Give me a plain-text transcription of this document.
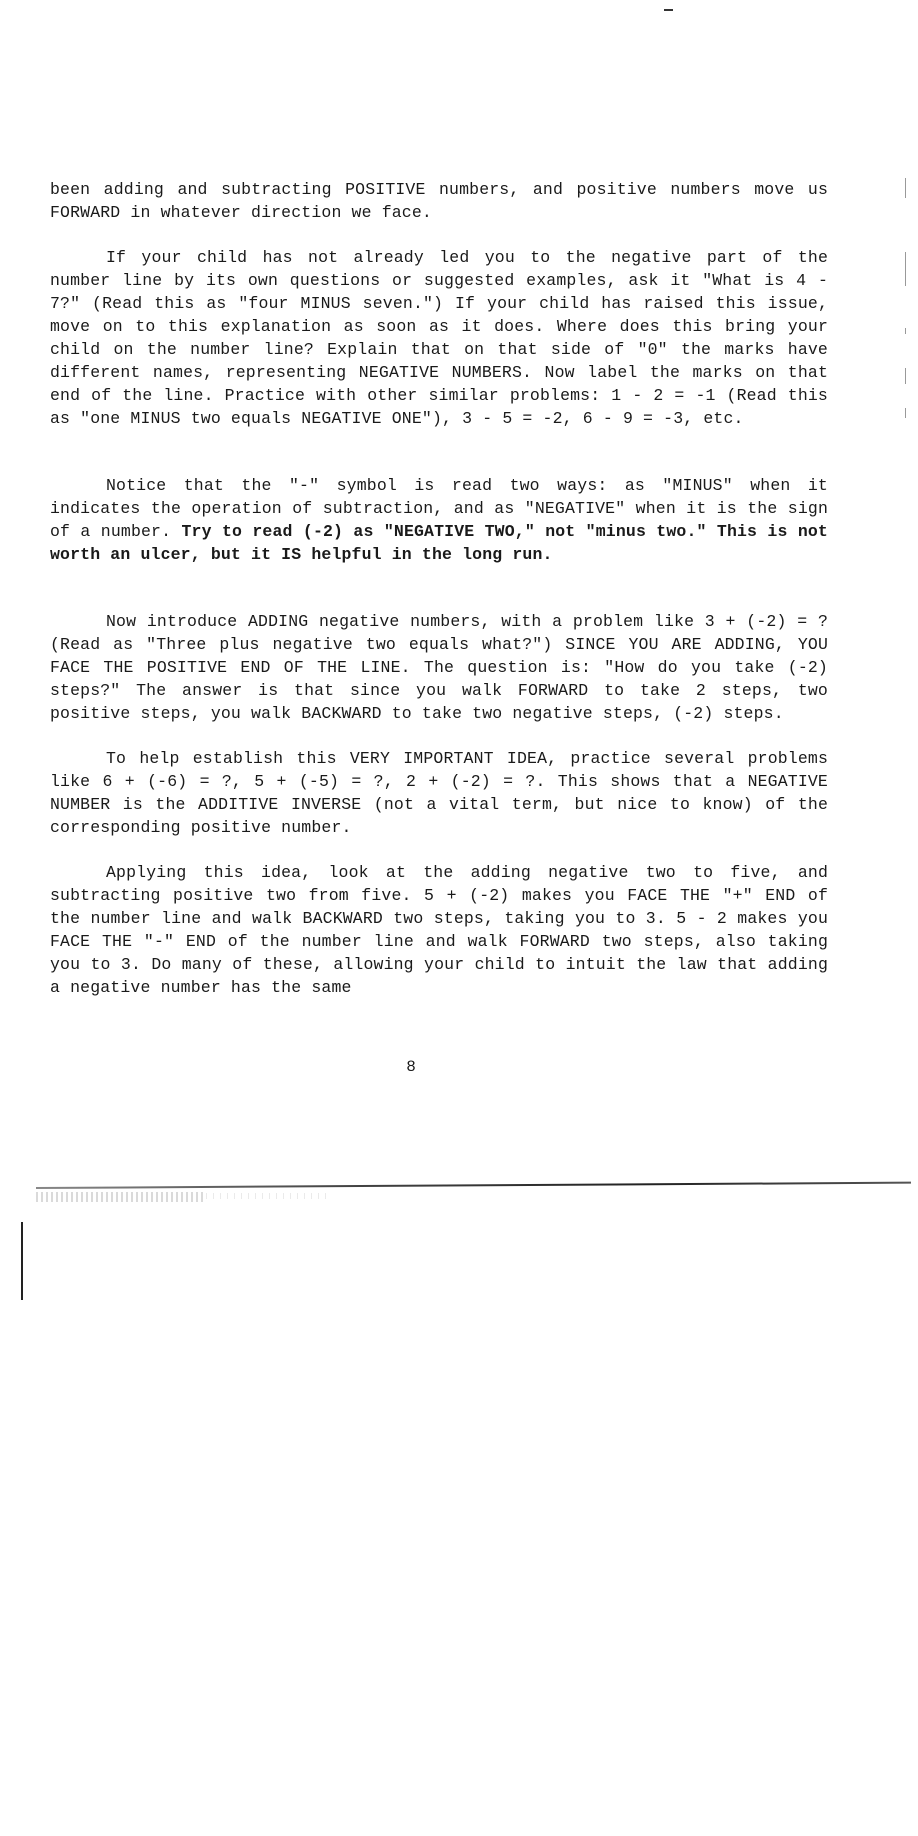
been adding and subtracting POSITIVE numbers, and positive numbers move us FORWARD in whatever direction we face.

If your child has not already led you to the negative part of the number line by its own questions or suggested examples, ask it "What is 4 - 7?" (Read this as "four MINUS seven.") If your child has raised this issue, move on to this explanation as soon as it does. Where does this bring your child on the number line? Explain that on that side of "0" the marks have different names, representing NEGATIVE NUMBERS. Now label the marks on that end of the line. Practice with other similar problems: 1 - 2 = -1 (Read this as "one MINUS two equals NEGATIVE ONE"), 3 - 5 = -2, 6 - 9 = -3, etc.

Notice that the "-" symbol is read two ways: as "MINUS" when it indicates the operation of subtraction, and as "NEGATIVE" when it is the sign of a number. Try to read (-2) as "NEGATIVE TWO," not "minus two." This is not worth an ulcer, but it IS helpful in the long run.

Now introduce ADDING negative numbers, with a problem like 3 + (-2) = ? (Read as "Three plus negative two equals what?") SINCE YOU ARE ADDING, YOU FACE THE POSITIVE END OF THE LINE. The question is: "How do you take (-2) steps?" The answer is that since you walk FORWARD to take 2 steps, two positive steps, you walk BACKWARD to take two negative steps, (-2) steps.

To help establish this VERY IMPORTANT IDEA, practice several problems like 6 + (-6) = ?, 5 + (-5) = ?, 2 + (-2) = ?. This shows that a NEGATIVE NUMBER is the ADDITIVE INVERSE (not a vital term, but nice to know) of the corresponding positive number.

Applying this idea, look at the adding negative two to five, and subtracting positive two from five. 5 + (-2) makes you FACE THE "+" END of the number line and walk BACKWARD two steps, taking you to 3. 5 - 2 makes you FACE THE "-" END of the number line and walk FORWARD two steps, also taking you to 3. Do many of these, allowing your child to intuit the law that adding a negative number has the same

8
